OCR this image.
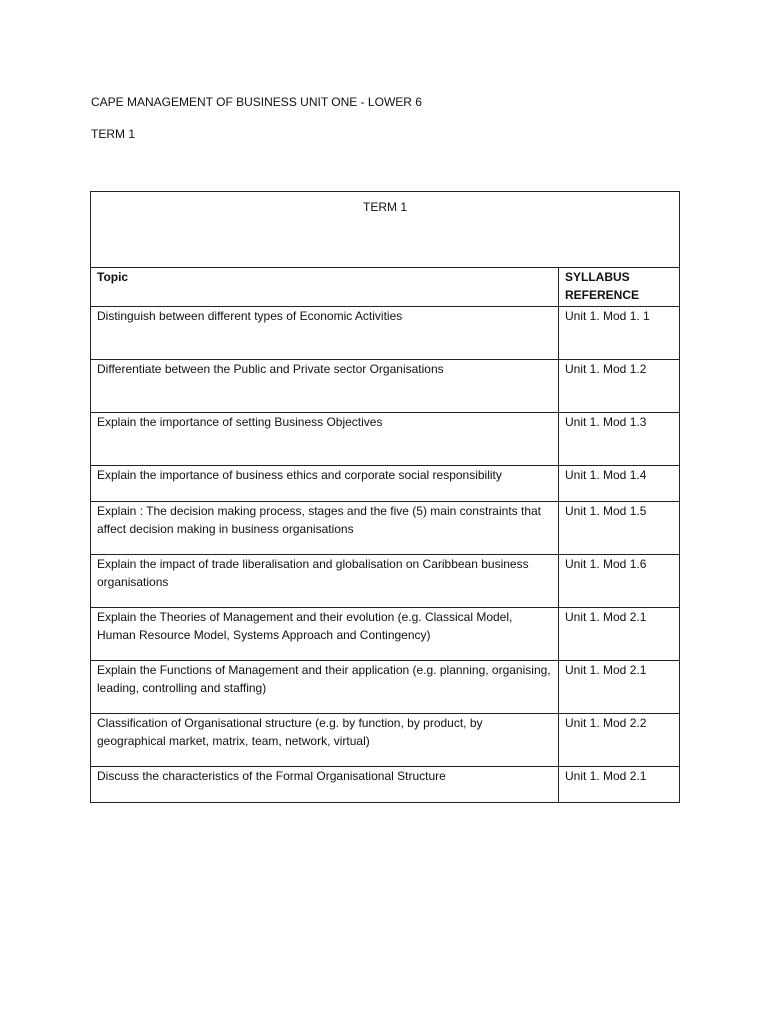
CAPE MANAGEMENT OF BUSINESS UNIT ONE - LOWER 6
TERM 1
TERM 1	

Topic	SYLLABUS REFERENCE

Distinguish between different types of Economic Activities	Unit 1. Mod 1. 1

Differentiate between the Public and Private sector Organisations	Unit 1. Mod 1.2

Explain the importance of setting Business Objectives	Unit 1. Mod 1.3

Explain the importance of business ethics and corporate social responsibility	Unit 1. Mod 1.4

Explain : The decision making process, stages and the five (5) main constraints that affect decision making in business organisations	Unit 1. Mod 1.5

Explain the impact of trade liberalisation and globalisation on Caribbean business organisations	Unit 1. Mod 1.6

Explain the Theories of Management and their evolution (e.g. Classical Model, Human Resource Model, Systems Approach and Contingency)	Unit 1. Mod 2.1

Explain the Functions of Management and their application (e.g. planning, organising, leading, controlling and staffing)	Unit 1. Mod 2.1

Classification of Organisational structure (e.g. by function, by product, by geographical market, matrix, team, network, virtual)	Unit 1. Mod 2.2

Discuss the characteristics of the Formal Organisational Structure	Unit 1. Mod 2.1
